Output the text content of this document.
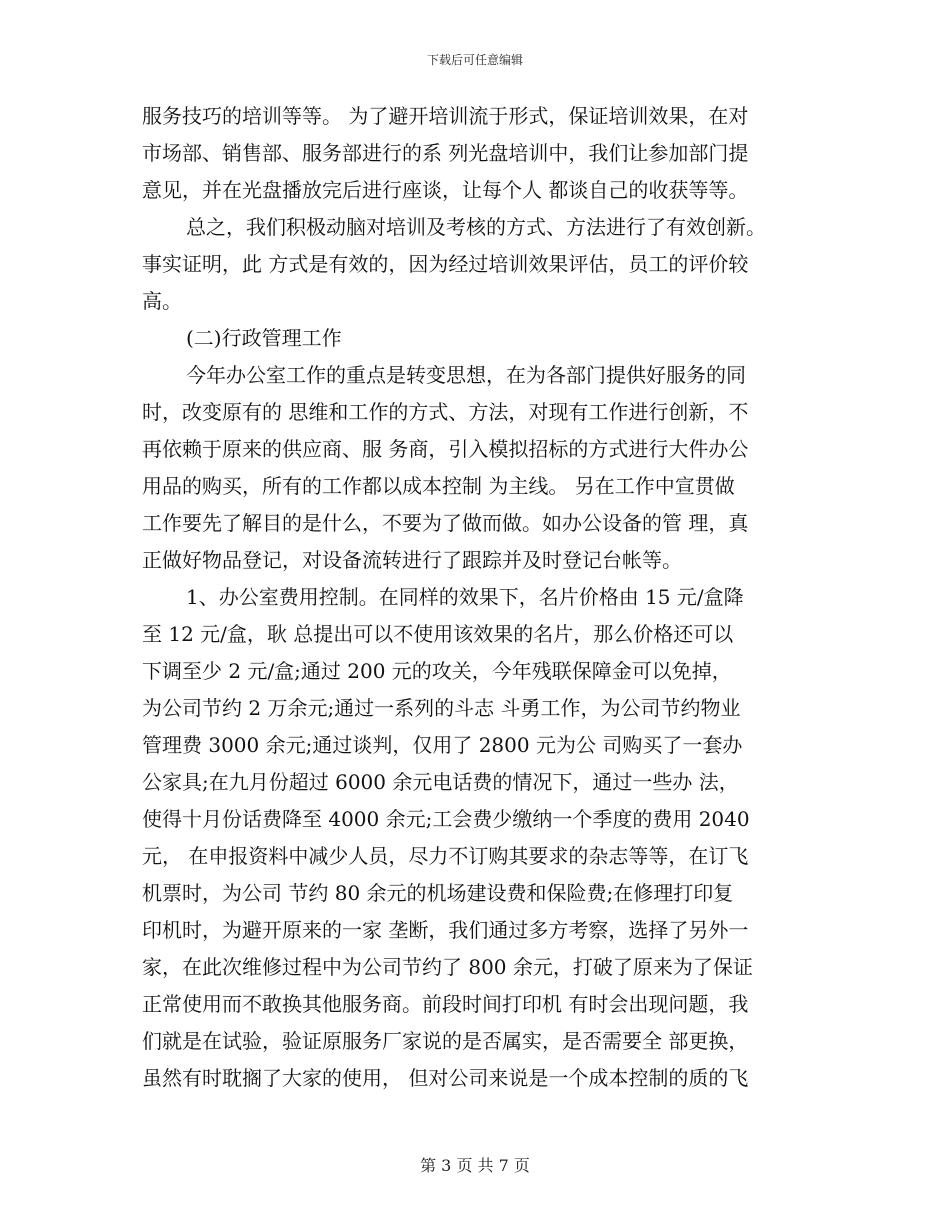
下载后可任意编辑
服务技巧的培训等等。 为了避开培训流于形式，保证培训效果，在对
市场部、销售部、服务部进行的系 列光盘培训中，我们让参加部门提
意见，并在光盘播放完后进行座谈，让每个人 都谈自己的收获等等。
总之，我们积极动脑对培训及考核的方式、方法进行了有效创新。
事实证明，此 方式是有效的，因为经过培训效果评估，员工的评价较
高。
(二)行政管理工作
今年办公室工作的重点是转变思想，在为各部门提供好服务的同
时，改变原有的 思维和工作的方式、方法，对现有工作进行创新，不
再依赖于原来的供应商、服 务商，引入模拟招标的方式进行大件办公
用品的购买，所有的工作都以成本控制 为主线。 另在工作中宣贯做
工作要先了解目的是什么，不要为了做而做。如办公设备的管 理，真
正做好物品登记，对设备流转进行了跟踪并及时登记台帐等。
1、办公室费用控制。在同样的效果下，名片价格由 15 元/盒降
至 12 元/盒，耿 总提出可以不使用该效果的名片，那么价格还可以
下调至少 2 元/盒;通过 200 元的攻关，今年残联保障金可以免掉，
为公司节约 2 万余元;通过一系列的斗志 斗勇工作，为公司节约物业
管理费 3000 余元;通过谈判，仅用了 2800 元为公 司购买了一套办
公家具;在九月份超过 6000 余元电话费的情况下，通过一些办 法，
使得十月份话费降至 4000 余元;工会费少缴纳一个季度的费用 2040
元， 在申报资料中减少人员，尽力不订购其要求的杂志等等，在订飞
机票时，为公司 节约 80 余元的机场建设费和保险费;在修理打印复
印机时，为避开原来的一家 垄断，我们通过多方考察，选择了另外一
家，在此次维修过程中为公司节约了 800 余元，打破了原来为了保证
正常使用而不敢换其他服务商。前段时间打印机 有时会出现问题，我
们就是在试验，验证原服务厂家说的是否属实，是否需要全 部更换，
虽然有时耽搁了大家的使用， 但对公司来说是一个成本控制的质的飞
第 3 页 共 7 页
